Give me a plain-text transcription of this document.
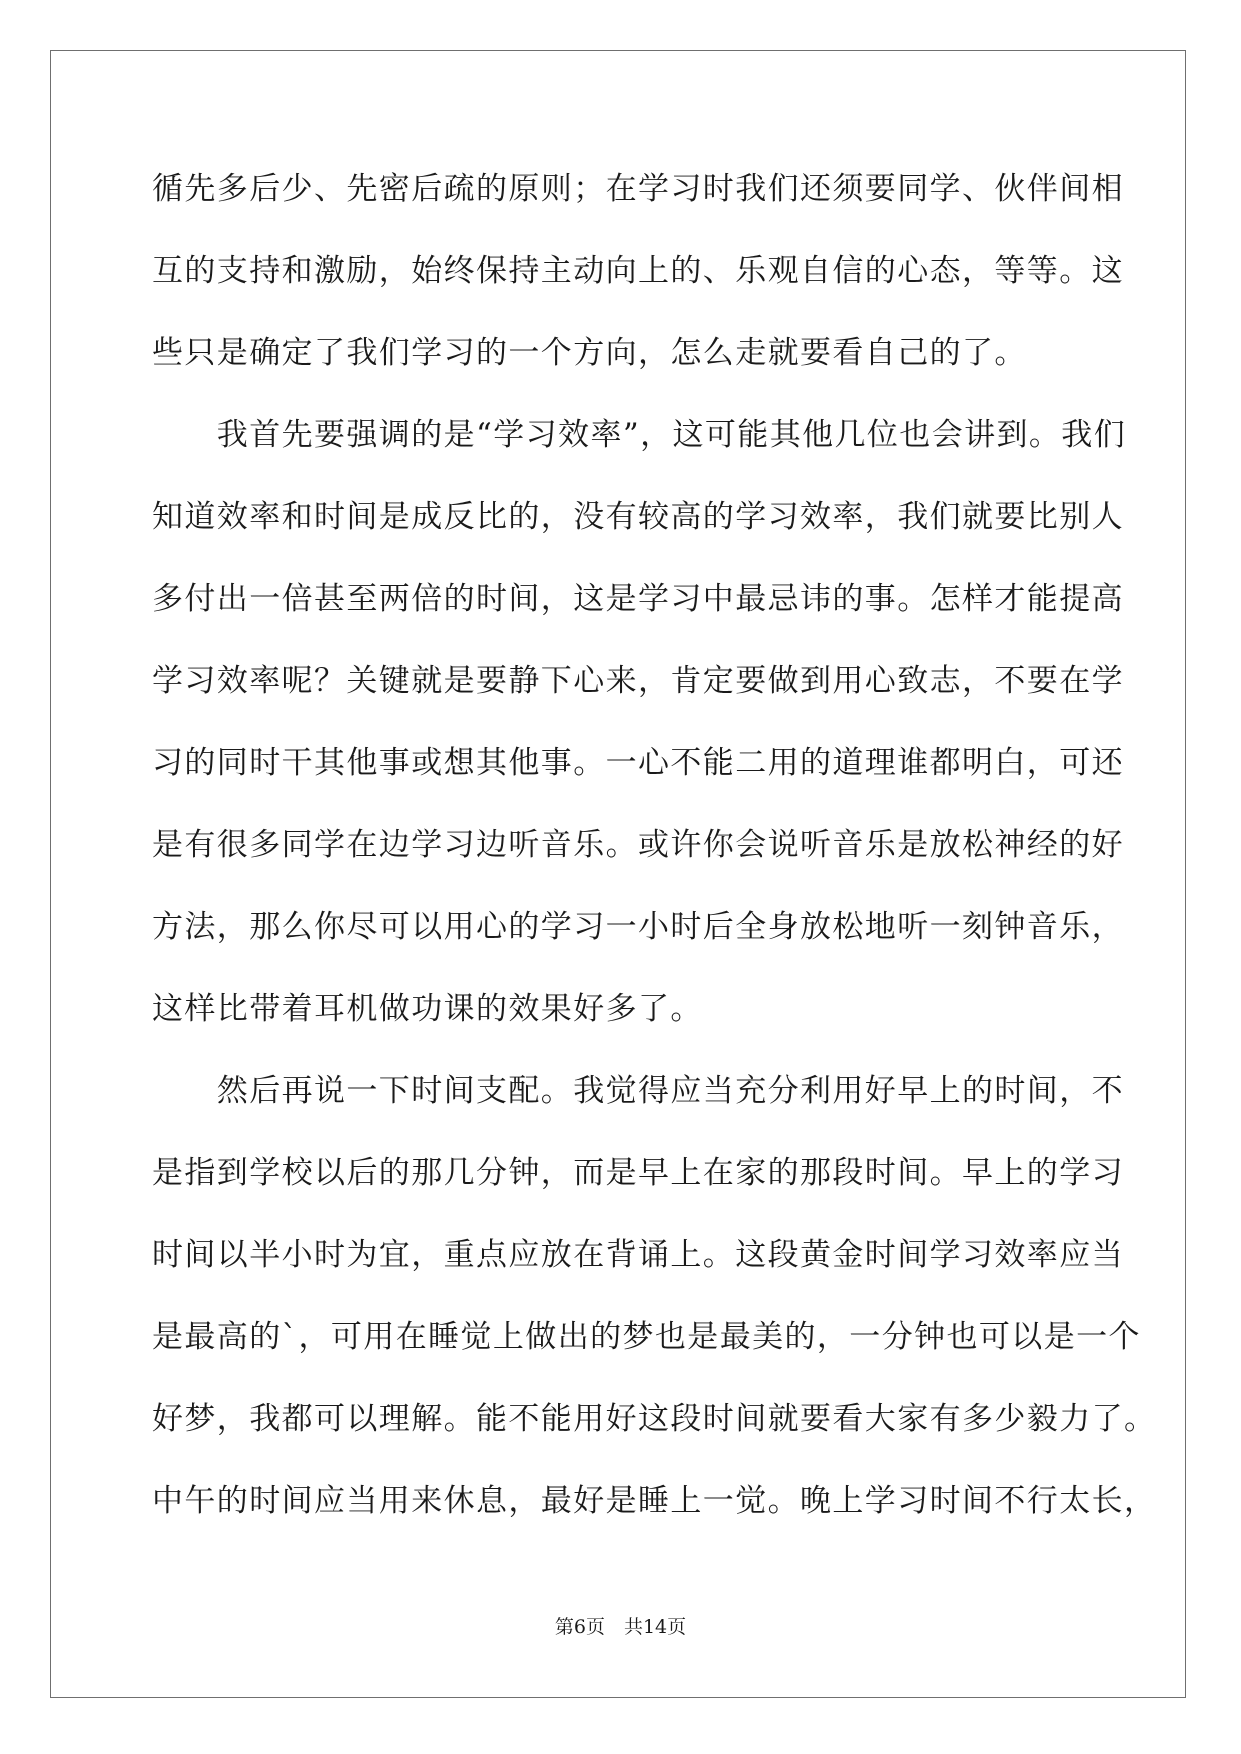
循先多后少、先密后疏的原则；在学习时我们还须要同学、伙伴间相
互的支持和激励，始终保持主动向上的、乐观自信的心态，等等。这
些只是确定了我们学习的一个方向，怎么走就要看自己的了。
　　我首先要强调的是“学习效率”，这可能其他几位也会讲到。我们
知道效率和时间是成反比的，没有较高的学习效率，我们就要比别人
多付出一倍甚至两倍的时间，这是学习中最忌讳的事。怎样才能提高
学习效率呢？关键就是要静下心来，肯定要做到用心致志，不要在学
习的同时干其他事或想其他事。一心不能二用的道理谁都明白，可还
是有很多同学在边学习边听音乐。或许你会说听音乐是放松神经的好
方法，那么你尽可以用心的学习一小时后全身放松地听一刻钟音乐，
这样比带着耳机做功课的效果好多了。
　　然后再说一下时间支配。我觉得应当充分利用好早上的时间，不
是指到学校以后的那几分钟，而是早上在家的那段时间。早上的学习
时间以半小时为宜，重点应放在背诵上。这段黄金时间学习效率应当
是最高的`，可用在睡觉上做出的梦也是最美的，一分钟也可以是一个
好梦，我都可以理解。能不能用好这段时间就要看大家有多少毅力了。
中午的时间应当用来休息，最好是睡上一觉。晚上学习时间不行太长，
第6页　共14页
